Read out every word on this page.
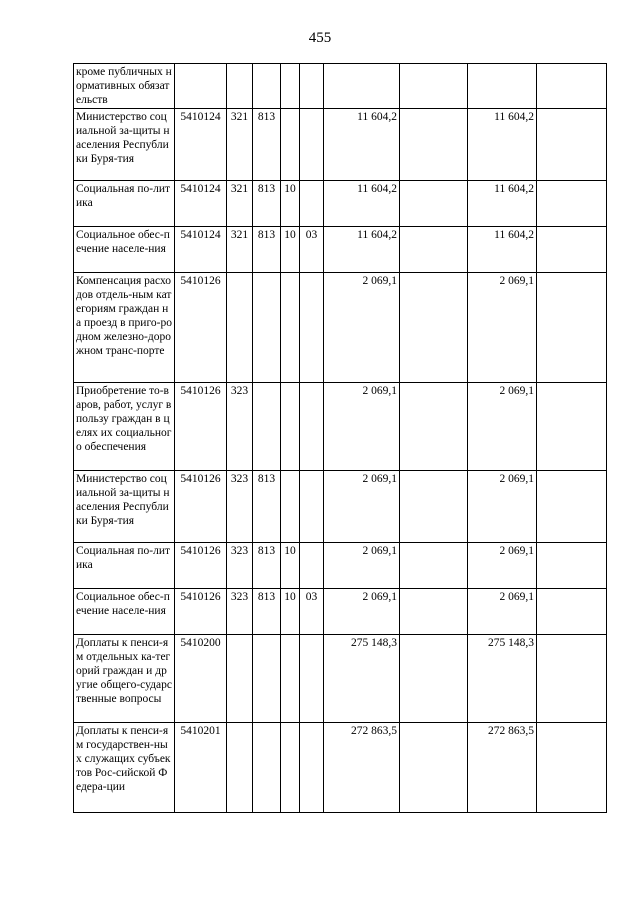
455
кроме публичных нормативных обязательств									
Министерство социальной за-щиты населения Республики Буря-тия	5410124	321	813			11 604,2		11 604,2	
Социальная по-литика	5410124	321	813	10		11 604,2		11 604,2	
Социальное обес-печение населе-ния	5410124	321	813	10	03	11 604,2		11 604,2	
Компенсация расходов отдель-ным категориям граждан на проезд в приго-родном железно-дорожном транс-порте	5410126					2 069,1		2 069,1	
Приобретение то-варов, работ, услуг в пользу граждан в целях их социального обеспечения	5410126	323				2 069,1		2 069,1	
Министерство социальной за-щиты населения Республики Буря-тия	5410126	323	813			2 069,1		2 069,1	
Социальная по-литика	5410126	323	813	10		2 069,1		2 069,1	
Социальное обес-печение населе-ния	5410126	323	813	10	03	2 069,1		2 069,1	
Доплаты к пенси-ям отдельных ка-тегорий граждан и другие общего-сударственные вопросы	5410200					275 148,3		275 148,3	
Доплаты к пенси-ям государствен-ных служащих субъектов Рос-сийской Федера-ции	5410201					272 863,5		272 863,5	
